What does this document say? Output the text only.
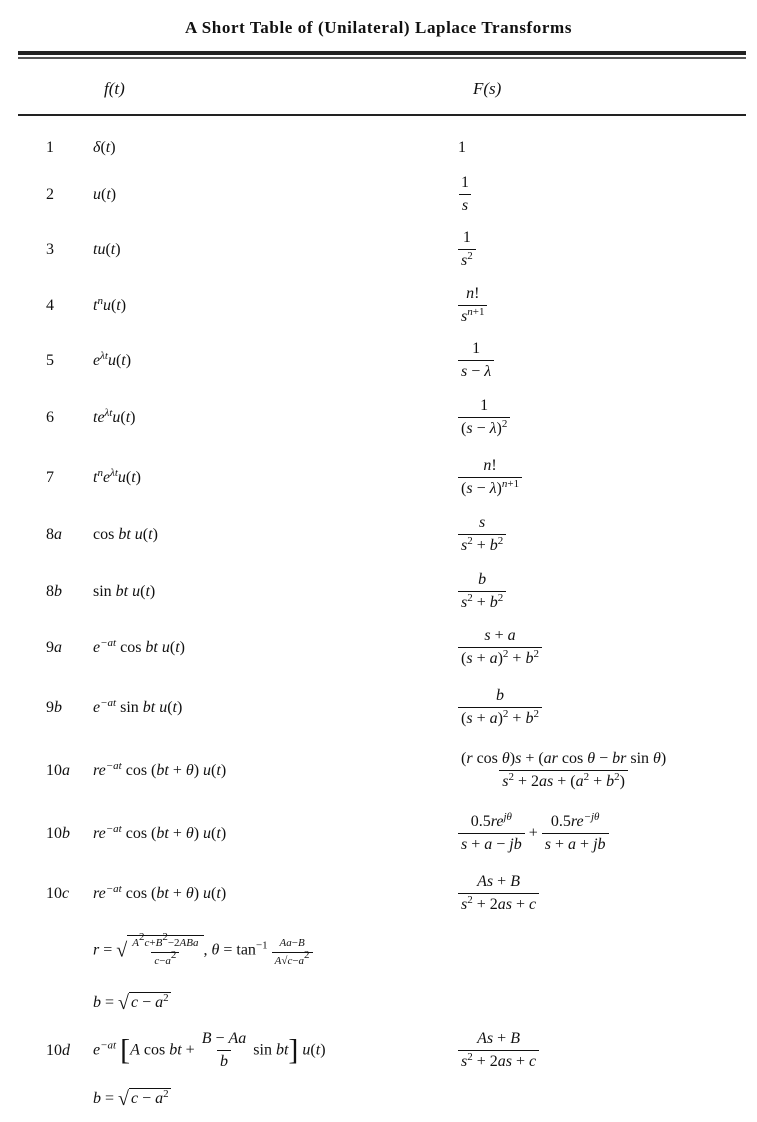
A Short Table of (Unilateral) Laplace Transforms
f(t)	F(s)
1 δ(t)	1
2 u(t)	$\frac{1}{s}$
3 tu(t)	$\frac{1}{s^2}$
4 $t^nu(t)$	$\frac{n!}{s^{n+1}}$
5 $e^{\lambda t}u(t)$	$\frac{1}{s - \lambda}$
6 $te^{\lambda t}u(t)$	$\frac{1}{(s - \lambda)^2}$
7 $t^ne^{\lambda t}u(t)$	$\frac{n!}{(s - \lambda)^{n+1}}$
8a cos bt u(t)	$\frac{s}{s^2 + b^2}$
8b sin bt u(t)	$\frac{b}{s^2 + b^2}$
9a $e^{-at}$ cos bt u(t)	$\frac{s + a}{(s + a)^2 + b^2}$
9b $e^{-at}$ sin bt u(t)	$\frac{b}{(s + a)^2 + b^2}$
10a $re^{-at}$ cos (bt + θ) u(t)	$\frac{\text{(r cos θ)s + (ar cos θ − br sin θ)}}{s^2 + 2as + (a^2 + b^2)}$
10b $re^{-at}$ cos (bt + θ) u(t)	$\frac{0.5re^{j\theta}}{s + a - jb} + \frac{0.5re^{-j\theta}}{s + a + jb}$
10c $re^{-at}$ cos (bt + θ) u(t)	$\frac{As + B}{s^2 + 2as + c}$
r = √ $\frac{A^2c+B^2-2ABa}{c-a^2}$ , $\theta = \tan^{-1} \frac{Aa-B}{A√c-a^2}$
b = √ $c - a^2$
10d $e^{-at}$ [A cos bt + $\frac{B - Aa}{b}$ sin bt] u(t)	$\frac{As + B}{s^2 + 2as + c}$
b = √ $c - a^2$
